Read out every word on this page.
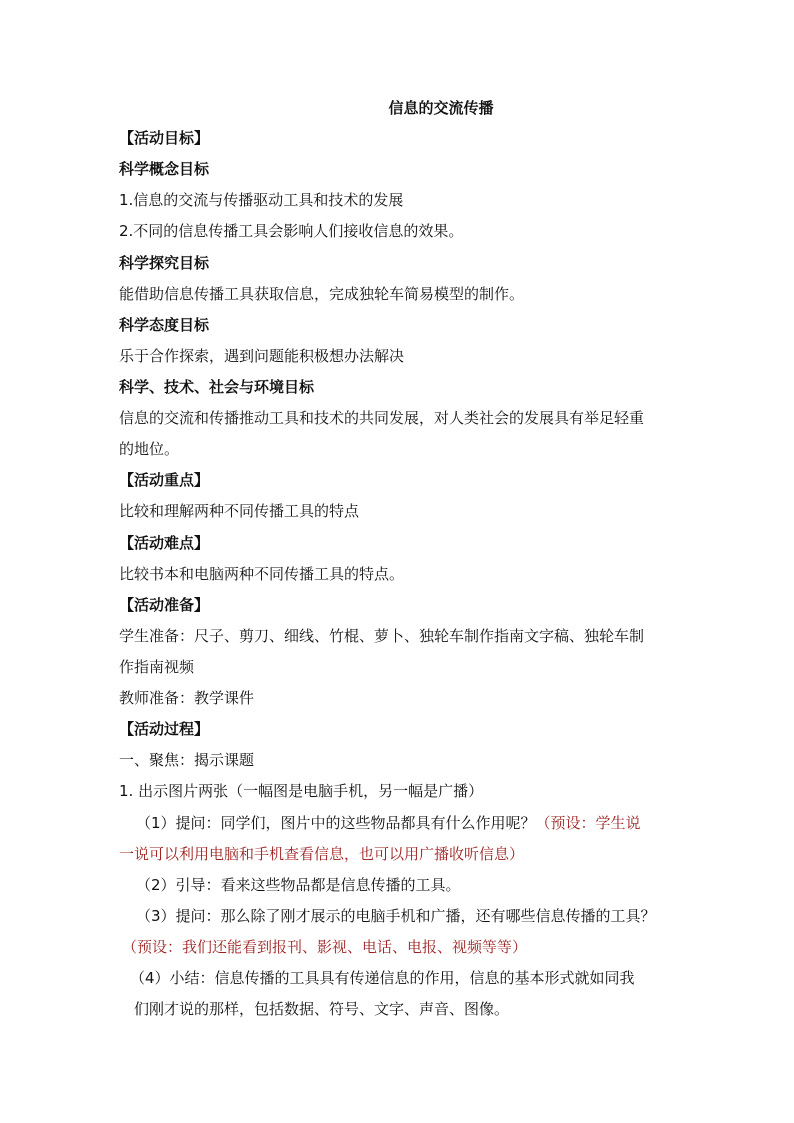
信息的交流传播
【活动目标】
科学概念目标
1.信息的交流与传播驱动工具和技术的发展
2.不同的信息传播工具会影响人们接收信息的效果。
科学探究目标
能借助信息传播工具获取信息，完成独轮车简易模型的制作。
科学态度目标
乐于合作探索，遇到问题能积极想办法解决
科学、技术、社会与环境目标
信息的交流和传播推动工具和技术的共同发展，对人类社会的发展具有举足轻重
的地位。
【活动重点】
比较和理解两种不同传播工具的特点
【活动难点】
比较书本和电脑两种不同传播工具的特点。
【活动准备】
学生准备：尺子、剪刀、细线、竹棍、萝卜、独轮车制作指南文字稿、独轮车制
作指南视频
教师准备：教学课件
【活动过程】
一、聚焦：揭示课题
1. 出示图片两张（一幅图是电脑手机，另一幅是广播）
（1）提问：同学们，图片中的这些物品都具有什么作用呢？（预设：学生说
一说可以利用电脑和手机查看信息，也可以用广播收听信息）
（2）引导：看来这些物品都是信息传播的工具。
（3）提问：那么除了刚才展示的电脑手机和广播，还有哪些信息传播的工具？
（预设：我们还能看到报刊、影视、电话、电报、视频等等）
（4）小结：信息传播的工具具有传递信息的作用，信息的基本形式就如同我
们刚才说的那样，包括数据、符号、文字、声音、图像。
